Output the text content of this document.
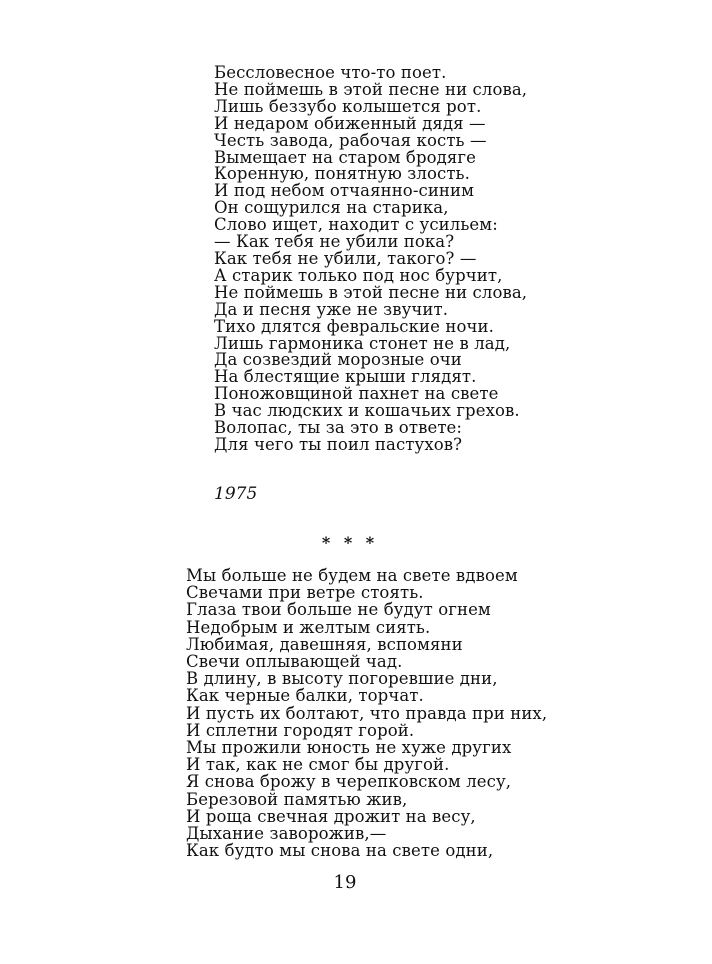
Бессловесное что-то поет.
Не поймешь в этой песне ни слова,
Лишь беззубо колышется рот.
И недаром обиженный дядя —
Честь завода, рабочая кость —
Вымещает на старом бродяге
Коренную, понятную злость.
И под небом отчаянно-синим
Он сощурился на старика,
Слово ищет, находит с усильем:
— Как тебя не убили пока?
Как тебя не убили, такого? —
А старик только под нос бурчит,
Не поймешь в этой песне ни слова,
Да и песня уже не звучит.
Тихо длятся февральские ночи.
Лишь гармоника стонет не в лад,
Да созвездий морозные очи
На блестящие крыши глядят.
Поножовщиной пахнет на свете
В час людских и кошачьих грехов.
Волопас, ты за это в ответе:
Для чего ты поил пастухов?
1975
* * *
Мы больше не будем на свете вдвоем
Свечами при ветре стоять.
Глаза твои больше не будут огнем
Недобрым и желтым сиять.
Любимая, давешняя, вспомяни
Свечи оплывающей чад.
В длину, в высоту погоревшие дни,
Как черные балки, торчат.
И пусть их болтают, что правда при них,
И сплетни городят горой.
Мы прожили юность не хуже других
И так, как не смог бы другой.
Я снова брожу в черепковском лесу,
Березовой памятью жив,
И роща свечная дрожит на весу,
Дыхание заворожив,—
Как будто мы снова на свете одни,
19
